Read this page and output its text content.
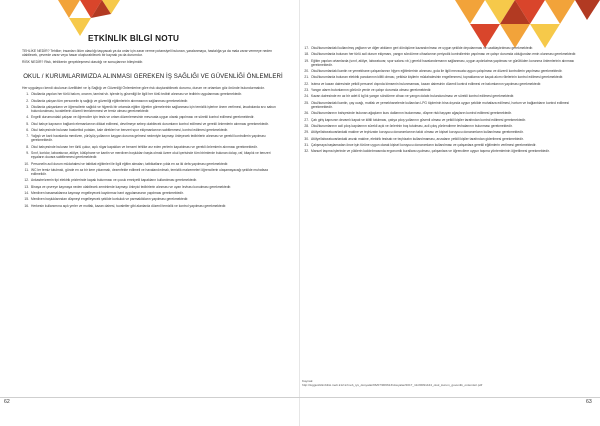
ETKİNLİK BİLGİ NOTU

TEHLİKE NEDİR? Tehlike; insanları ölüm olasılığı taşıyacak ya da onlar için zarar verme potansiyeli bulunan, yaralanmaya, hastalığa ya da mala zarar vermeye neden olabilecek, çevrede zarar veya hasar oluşturabilecek bir kaynak ya da durumdur.

RİSK NEDİR? Risk, tehlikenin gerçekleşmesi olasılığı ve sonuçlarının bileşimidir.

OKUL / KURUMLARIMIZDA ALINMASI GEREKEN İŞ SAĞLIĞI VE GÜVENLİĞİ ÖNLEMLERİ

Her uygulayıcı kendi okulunun özellikleri ve İş Sağlığı ve Güvenliği Önlemlerine göre risk oluşturabilecek durumu, durum ve ortamları göz önünde bulundurmalıdır.

1. Okullarda yapılan her türlü bakım, onarım, tamirat vb. işlerde iş güvenliği ile ilgili her türlü tedbiri alınması ve tedbirin uygulanması gerekmektedir.
2. Okullarda çalışan tüm personelin iş sağlığı ve güvenliği eğitimlerinin alınmasının sağlanması gerekmektedir.
3. Okullarda çalışanların ve öğrencilerin sağlıklı ve hijyenik bir ortamda eğitim öğretim görmelerinin sağlanması için temizlik işlerine önem verilmesi, lavabolarda sıvı sabun bulundurulması, tuvaletlerin düzenli temizlenmesi ve temiz olması gerekmektedir.
4. Engelli durumundaki çalışan ve öğrenciler için tesis ve ortam düzenlemesinin mevzuata uygun olarak yapılması ve sürekli kontrol edilmesi gerekmektedir.
5. Okul bahçe kapısının bağlantı elemanlarının dikkat edilmesi, devrilmeye sebep olabilecek durumların kontrol edilmesi ve gerekli önlemlerin alınması gerekmektedir.
6. Okul bahçesinde bulunan basketbol potaları, kale direkleri ve benzeri spor ekipmanlarının sabitlenmesi, kontrol edilmesi gerekmektedir.
7. Yağışlı ve karlı havalarda merdiven, yürüyüş yollarının kaygan duruma gelmesi nedeniyle kaymayı önleyecek tedbirlerin alınması ve gerekli kontrollerin yapılması gerekmektedir.
8. Okul bahçesinde bulunan her türlü çukur, açık rögar kapakları ve benzeri tehlike arz eden yerlerin kapatılması ve gerekli önlemlerin alınması gerekmektedir.
9. Sınıf, koridor, laboratuvar, atölye, kütüphane ve kantin ve merdiven boşlukları başta olmak üzere okul içerisinde tüm birimlerde bulunan dolap, raf, kitaplık ve benzeri eşyaların duvara sabitlenmesi gerekmektedir.
10. Personelin acil durum müdahalesi ve tatbikat eğitimleri ile ilgili eğitim almaları, tatbikatların yılda en az iki defa yapılması gerekmektedir.
11. WC ler temiz tutulmalı, günde en az bir kere yıkanmalı, dezenfekte edilmeli ve havalandırılmalı, temizlik malzemeleri öğrencilerin ulaşamayacağı şekilde muhafaza edilmelidir.
12. Ankastre/zemin tipi elektrik prizlerinde kapak bulunması ve çocuk emniyetli kapakların kullanılması gerekmektedir.
13. Binaya ve çevreye kaymaya neden olabilecek zeminlerde kaymayı önleyici tedbirlerin alınması ve uyarı levhası konulması gerekmektedir.
14. Merdiven basamaklarına kaymayı engelleyecek kaydırmaz bant uygulamasının yapılması gerekmektedir.
15. Merdiven boşluklarından düşmeyi engelleyecek şekilde korkuluk ve parmaklıkların yapılması gerekmektedir.
16. Herkesin kullanımına açık yerler ve mutfak, kazan dairesi, tuvaletler gibi alanlarda düzenli temizlik ve kontrol yapılması gerekmektedir.
17. Okul/kurumlardaki kullanılmış yağların ve diğer atıkların geri dönüşüme kazandırılması ve uygun şekilde depolanması ve uzaklaştırılması gerekmektedir.
18. Okul/kurumlarda bulunan her türlü acil durum ekipmanı, yangın söndürme cihazlarının periyodik kontrollerinin yapılması ve çalışır durumda olduğundan emin olunması gerekmektedir.
19. Eğitim yapılan ortamlarda (sınıf, atölye, laboratuvar, spor salonu vb.) gerekli havalandırmanın sağlanması, uygun aydınlatma yapılması ve gürültüden korunma önlemlerinin alınması gerekmektedir.
20. Okul/kurumlardaki kantin ve yemekhane çalışanlarının hijyen eğitimlerinin alınması, gıda ile ilgili mevzuata uygun çalışılması ve düzenli kontrollerin yapılması gerekmektedir.
21. Okul/kurumlarda bulunan elektrik panolarının kilitli olması, yetkisiz kişilerin müdahalesinin engellenmesi, topraklama ve kaçak akım rölelerinin kontrol edilmesi gerekmektedir.
22. Isıtma ve kazan dairesinde yetkili personel dışında kimsenin bulunmaması, kazan dairesinin düzenli kontrol edilmesi ve bakımlarının yapılması gerekmektedir.
23. Yangın alarm butonlarının görünür yerde ve çalışır durumda olması gerekmektedir.
24. Kazan dairesinde en az bir adet 6 kg'lık yangın söndürme cihazı ve yangın dolabı bulundurulması ve sürekli kontrol edilmesi gerekmektedir.
25. Okul/kurumlardaki kantin, çay ocağı, mutfak ve yemekhanelerde kullanılan LPG tüplerinin bina dışında uygun şekilde muhafaza edilmesi, hortum ve bağlantıların kontrol edilmesi gerekmektedir.
26. Okul/kurumlarının bahçesinde bulunan ağaçların kuru dallarının budanması, düşme riski taşıyan ağaçların kontrol edilmesi gerekmektedir.
27. Çatı giriş kapısının devamlı kapalı ve kilitli tutulması, çatıya çıkış yollarının güvenli olması ve yetkili kişiler tarafından kontrol edilmesi gerekmektedir.
28. Okul/kurumlarının acil çıkış kapılarının sürekli açık ve önlerinin boş tutulması, acil çıkış yönlendirme levhalarının bulunması gerekmektedir.
29. Atölye/laboratuvarlardaki makine ve teçhizatın koruyucu donanımlarının takılı olması ve kişisel koruyucu donanımların kullanılması gerekmektedir.
30. Atölye/laboratuvarlardaki arızalı makine, elektrik tesisatı ve teçhizatın kullanılmaması, arızaların yetkili kişiler tarafından giderilmesi gerekmektedir.
31. Çalışmaya başlamadan önce işin türüne uygun olarak kişisel koruyucu donanımların kullanılması ve çalışanlara gerekli eğitimlerin verilmesi gerekmektedir.
32. Manuel taşıma işlerinde ve yüklerin kaldırılmasında ergonomik kurallara uyulması, çalışanlara ve öğrencilere uygun taşıma yöntemlerinin öğretilmesi gerekmektedir.
Kaynak:
http://isggusbilimbilisi.meb.k12.tr/meb_iys_dosyalar/06/07/906613/dosyalar/2017_11/20091444_okul_kurum_guvenlik_onlemleri.pdf
62	63
